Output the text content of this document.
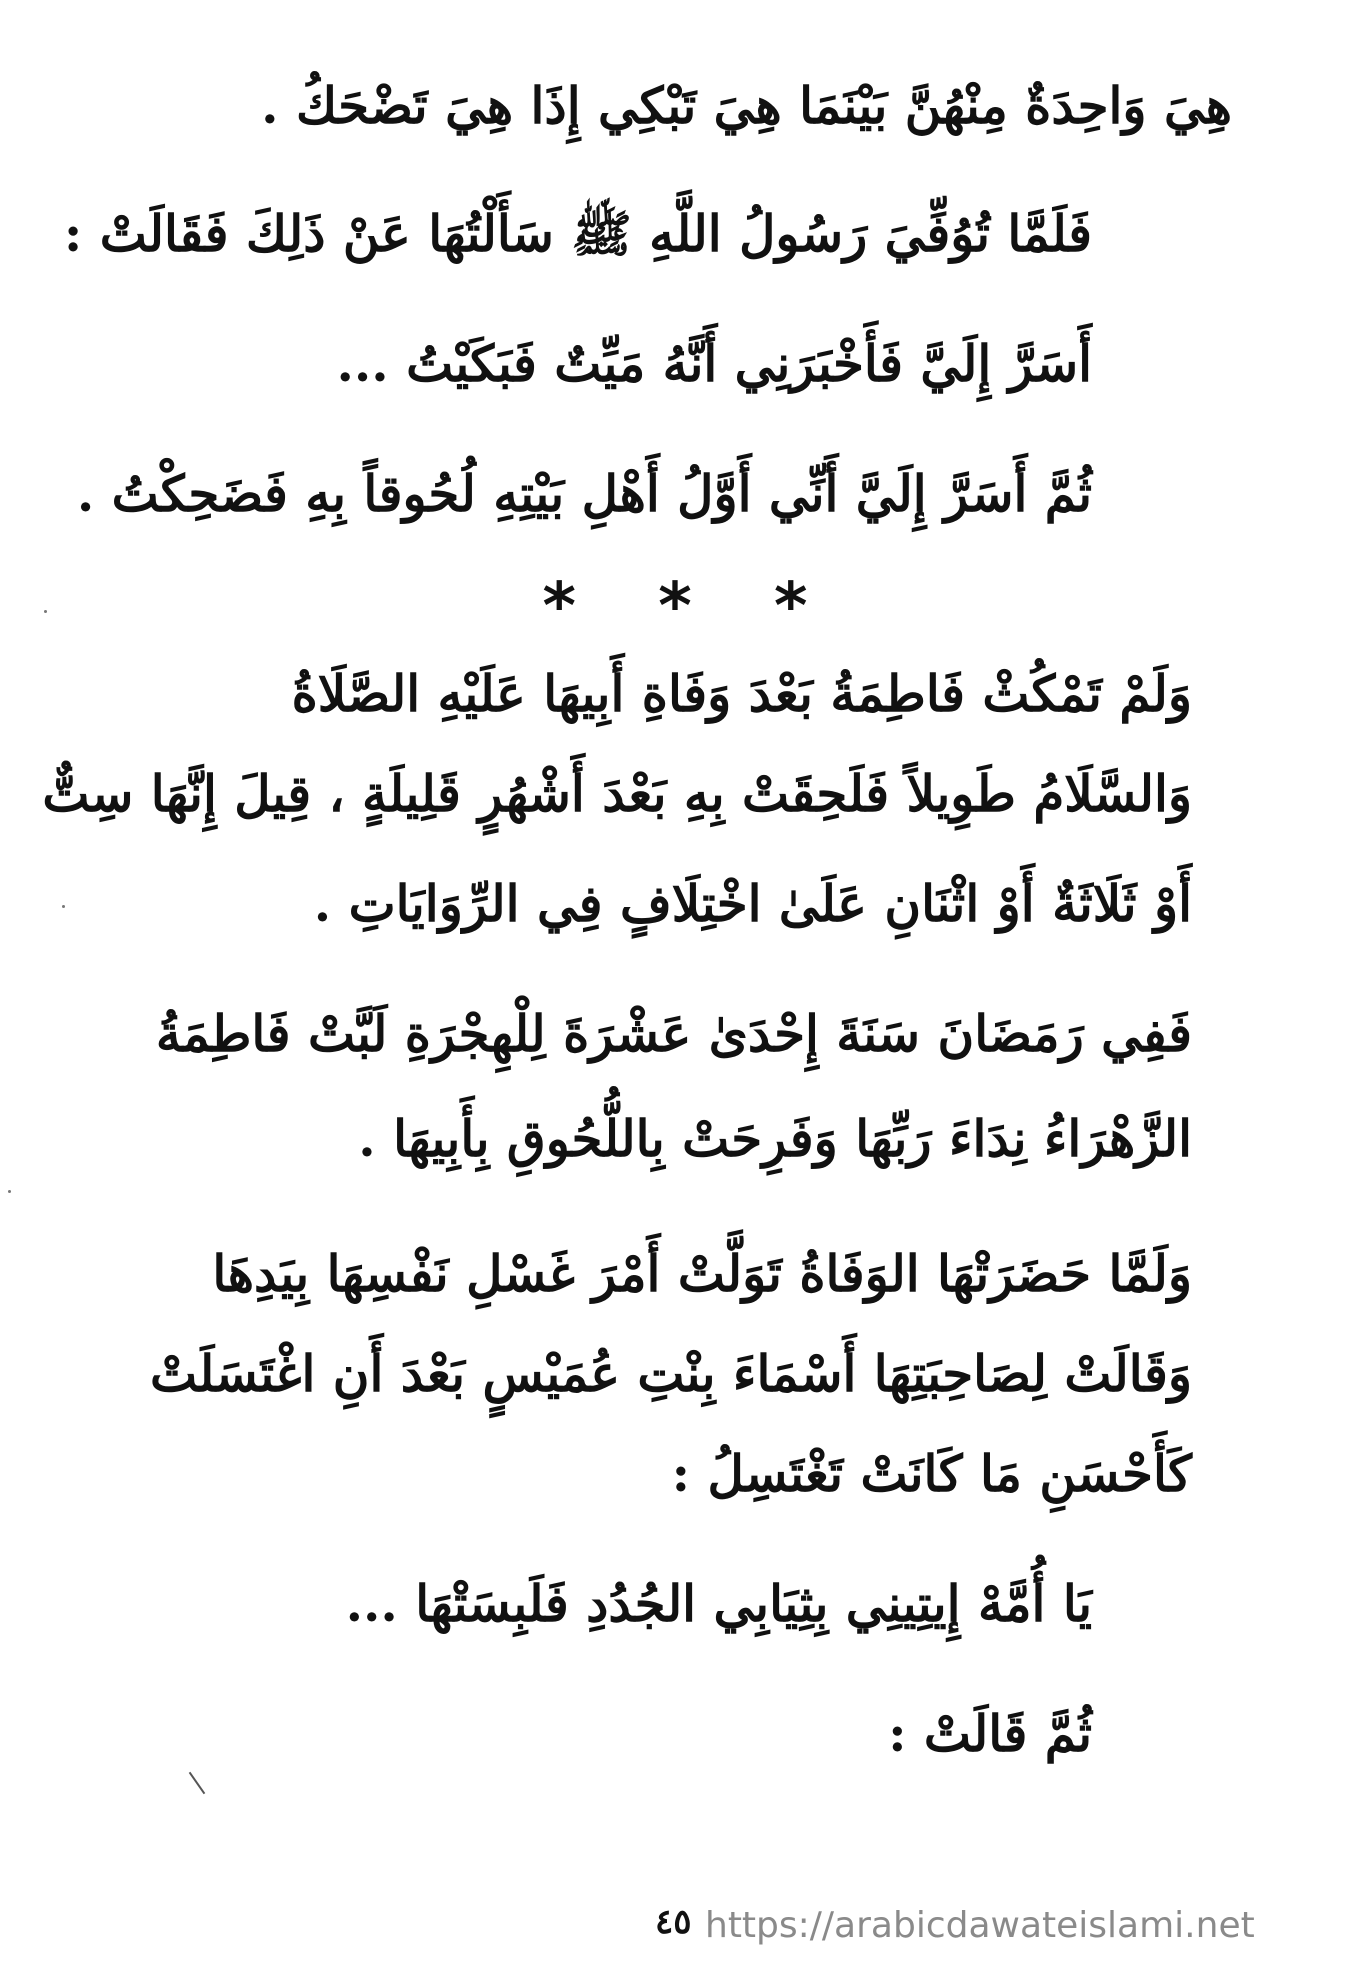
هِيَ وَاحِدَةٌ مِنْهُنَّ بَيْنَمَا هِيَ تَبْكِي إِذَا هِيَ تَضْحَكُ .
فَلَمَّا تُوُفِّيَ رَسُولُ اللَّهِ ﷺ سَأَلْتُهَا عَنْ ذَلِكَ فَقَالَتْ :
أَسَرَّ إِلَيَّ فَأَخْبَرَنِي أَنَّهُ مَيِّتٌ فَبَكَيْتُ ...
ثُمَّ أَسَرَّ إِلَيَّ أَنِّي أَوَّلُ أَهْلِ بَيْتِهِ لُحُوقاً بِهِ فَضَحِكْتُ .
* * *
وَلَمْ تَمْكُثْ فَاطِمَةُ بَعْدَ وَفَاةِ أَبِيهَا عَلَيْهِ الصَّلَاةُ
وَالسَّلَامُ طَوِيلاً فَلَحِقَتْ بِهِ بَعْدَ أَشْهُرٍ قَلِيلَةٍ ، قِيلَ إِنَّهَا سِتٌّ
أَوْ ثَلَاثَةٌ أَوْ اثْنَانِ عَلَىٰ اخْتِلَافٍ فِي الرِّوَايَاتِ .
فَفِي رَمَضَانَ سَنَةَ إِحْدَىٰ عَشْرَةَ لِلْهِجْرَةِ لَبَّتْ فَاطِمَةُ
الزَّهْرَاءُ نِدَاءَ رَبِّهَا وَفَرِحَتْ بِاللُّحُوقِ بِأَبِيهَا .
وَلَمَّا حَضَرَتْهَا الوَفَاةُ تَوَلَّتْ أَمْرَ غَسْلِ نَفْسِهَا بِيَدِهَا
وَقَالَتْ لِصَاحِبَتِهَا أَسْمَاءَ بِنْتِ عُمَيْسٍ بَعْدَ أَنِ اغْتَسَلَتْ
كَأَحْسَنِ مَا كَانَتْ تَغْتَسِلُ :
يَا أُمَّهْ إِيتِينِي بِثِيَابِي الجُدُدِ فَلَبِسَتْهَا ...
ثُمَّ قَالَتْ :
٤٥ https://arabicdawateislami.net
